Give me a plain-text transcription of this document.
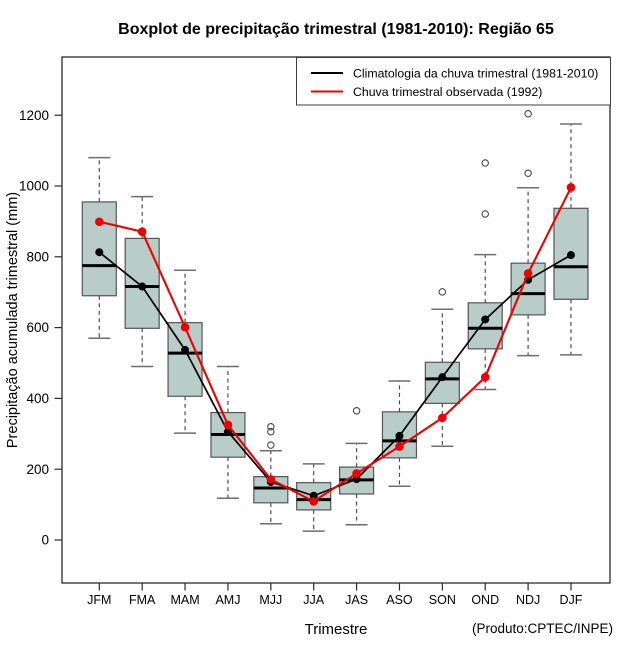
Boxplot de precipitação trimestral (1981-2010): Região 65
Precipitação acumulada trimestral (mm)
0
200
400
600
800
1000
1200
JFM FMA MAM AMJ MJJ JJA JAS ASO SON OND NDJ DJF
Climatologia da chuva trimestral (1981-2010)
Chuva trimestral observada (1992)
Trimestre	(Produto:CPTEC/INPE)
